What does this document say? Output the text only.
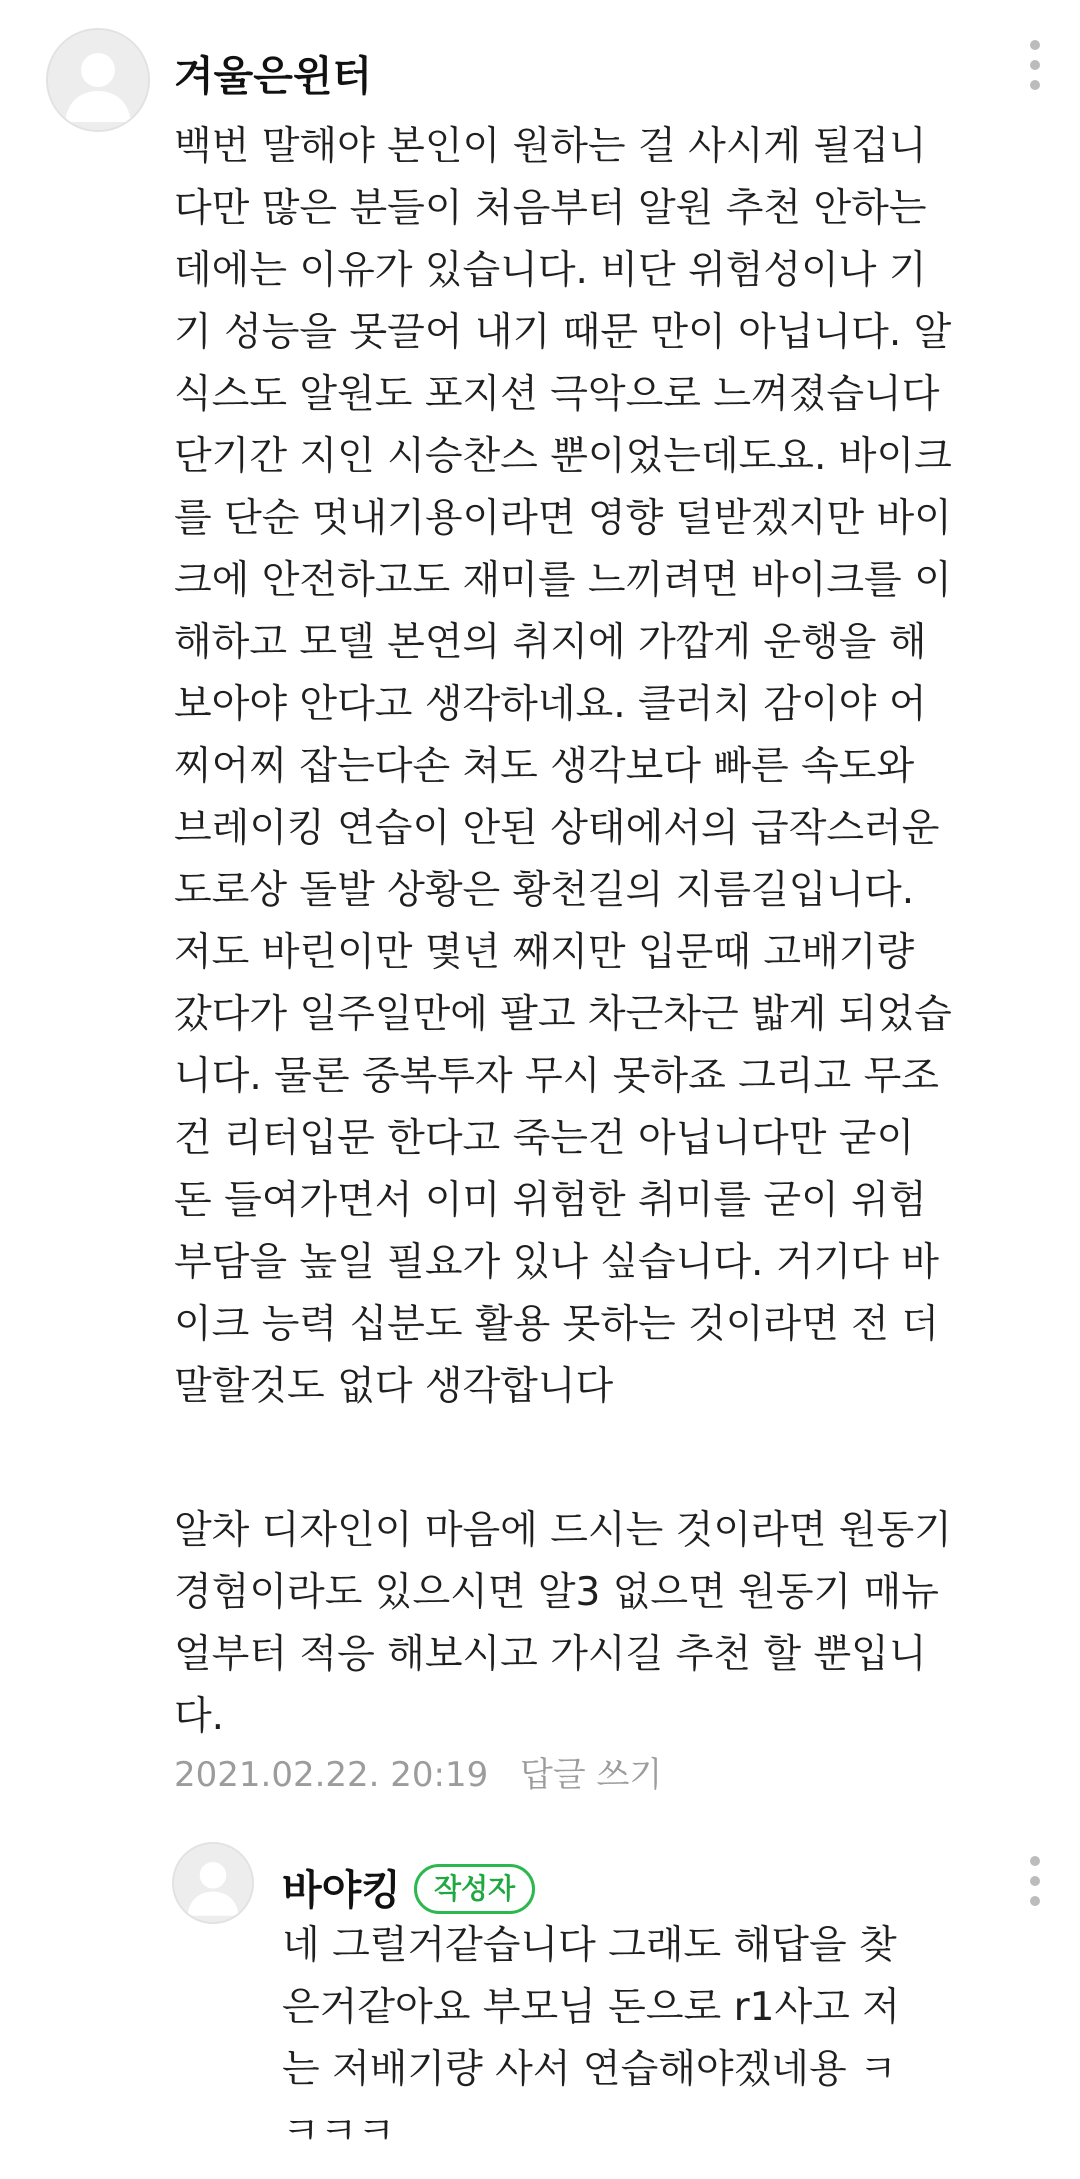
겨울은윈터

백번 말해야 본인이 원하는 걸 사시게 될겁니

다만 많은 분들이 처음부터 알원 추천 안하는

데에는 이유가 있습니다. 비단 위험성이나 기

기 성능을 못끌어 내기 때문 만이 아닙니다. 알

식스도 알원도 포지션 극악으로 느껴졌습니다

단기간 지인 시승찬스 뿐이었는데도요. 바이크

를 단순 멋내기용이라면 영향 덜받겠지만 바이

크에 안전하고도 재미를 느끼려면 바이크를 이

해하고 모델 본연의 취지에 가깝게 운행을 해

보아야 안다고 생각하네요. 클러치 감이야 어

찌어찌 잡는다손 쳐도 생각보다 빠른 속도와

브레이킹 연습이 안된 상태에서의 급작스러운

도로상 돌발 상황은 황천길의 지름길입니다.

저도 바린이만 몇년 째지만 입문때 고배기량

갔다가 일주일만에 팔고 차근차근 밟게 되었습

니다. 물론 중복투자 무시 못하죠 그리고 무조

건 리터입문 한다고 죽는건 아닙니다만 굳이

돈 들여가면서 이미 위험한 취미를 굳이 위험

부담을 높일 필요가 있나 싶습니다. 거기다 바

이크 능력 십분도 활용 못하는 것이라면 전 더

말할것도 없다 생각합니다

알차 디자인이 마음에 드시는 것이라면 원동기

경험이라도 있으시면 알3 없으면 원동기 매뉴

얼부터 적응 해보시고 가시길 추천 할 뿐입니

다.

2021.02.22. 20:19 답글 쓰기
바야킹	작성자

네 그럴거같습니다 그래도 해답을 찾

은거같아요 부모님 돈으로 r1사고 저

는 저배기량 사서 연습해야겠네용 ㅋ

ㅋㅋㅋ
